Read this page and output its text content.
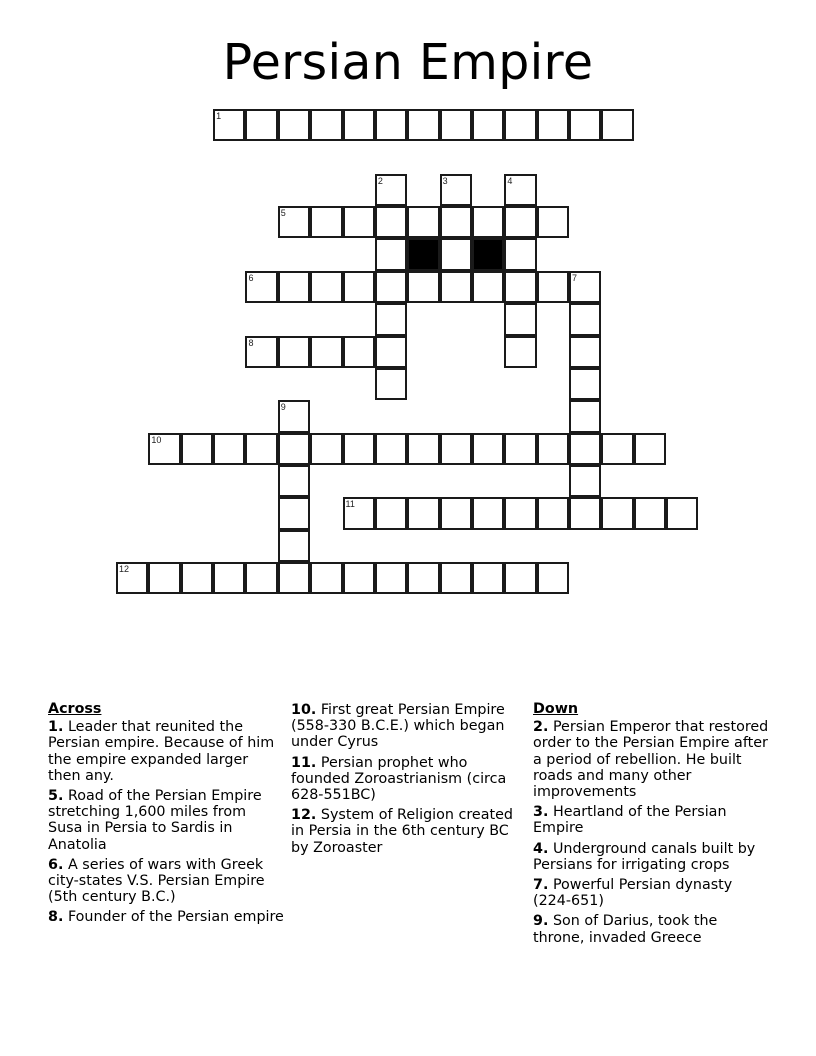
Persian Empire
1
2	3	4
5
6	7
8
9
10
11
12
Across
1. Leader that reunited the Persian empire. Because of him the empire expanded larger then any.
5. Road of the Persian Empire stretching 1,600 miles from Susa in Persia to Sardis in Anatolia
6. A series of wars with Greek city-states V.S. Persian Empire (5th century B.C.)
8. Founder of the Persian empire
10. First great Persian Empire (558-330 B.C.E.) which began under Cyrus
11. Persian prophet who founded Zoroastrianism (circa 628-551BC)
12. System of Religion created in Persia in the 6th century BC by Zoroaster
Down
2. Persian Emperor that restored order to the Persian Empire after a period of rebellion. He built roads and many other improvements
3. Heartland of the Persian Empire
4. Underground canals built by Persians for irrigating crops
7. Powerful Persian dynasty (224-651)
9. Son of Darius, took the throne, invaded Greece
